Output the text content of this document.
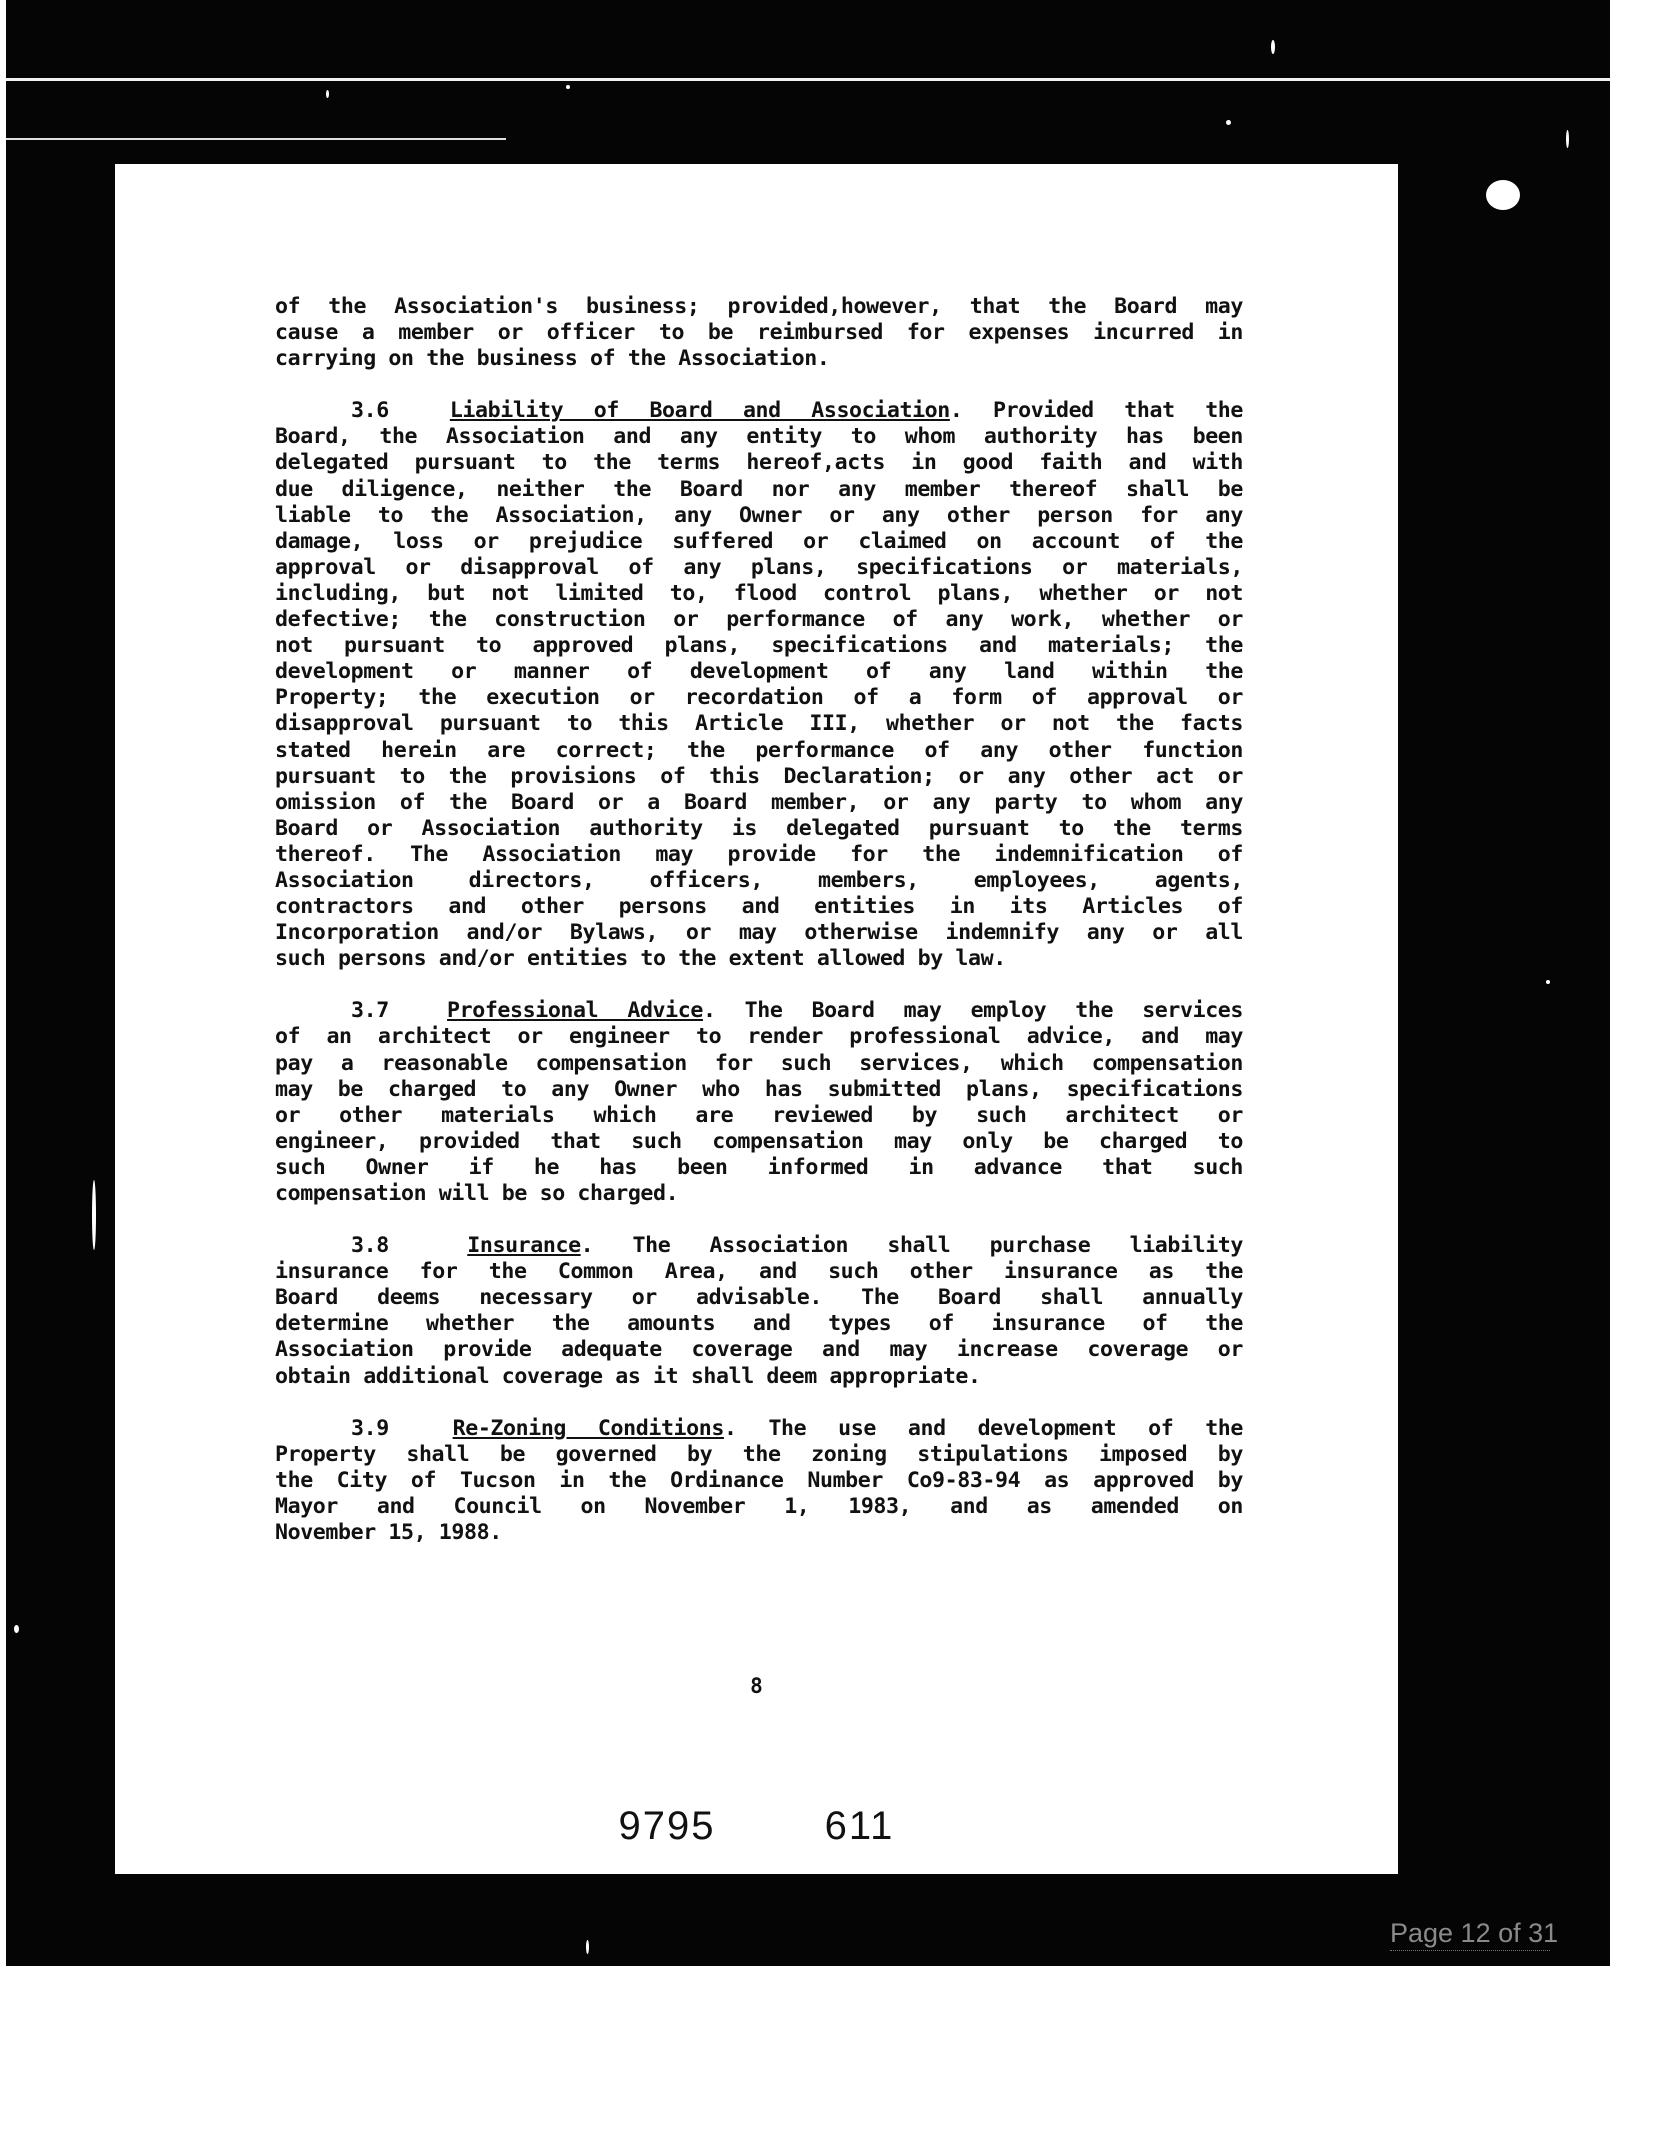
of the Association's business; provided,however, that the Board may
cause a member or officer to be reimbursed for expenses incurred in
carrying on the business of the Association.
3.6	Liability of Board and Association. Provided that the
Board, the Association and any entity to whom authority has been
delegated pursuant to the terms hereof,acts in good faith and with
due diligence, neither the Board nor any member thereof shall be
liable to the Association, any Owner or any other person for any
damage, loss or prejudice suffered or claimed on account of the
approval or disapproval of any plans, specifications or materials,
including, but not limited to, flood control plans, whether or not
defective; the construction or performance of any work, whether or
not pursuant to approved plans, specifications and materials; the
development or manner of development of any land within the
Property; the execution or recordation of a form of approval or
disapproval pursuant to this Article III, whether or not the facts
stated herein are correct; the performance of any other function
pursuant to the provisions of this Declaration; or any other act or
omission of the Board or a Board member, or any party to whom any
Board or Association authority is delegated pursuant to the terms
thereof. The Association may provide for the indemnification of
Association directors, officers, members, employees, agents,
contractors and other persons and entities in its Articles of
Incorporation and/or Bylaws, or may otherwise indemnify any or all
such persons and/or entities to the extent allowed by law.
3.7	Professional Advice. The Board may employ the services
of an architect or engineer to render professional advice, and may
pay a reasonable compensation for such services, which compensation
may be charged to any Owner who has submitted plans, specifications
or other materials which are reviewed by such architect or
engineer, provided that such compensation may only be charged to
such Owner if he has been informed in advance that such
compensation will be so charged.
3.8	Insurance. The Association shall purchase liability
insurance for the Common Area, and such other insurance as the
Board deems necessary or advisable. The Board shall annually
determine whether the amounts and types of insurance of the
Association provide adequate coverage and may increase coverage or
obtain additional coverage as it shall deem appropriate.
3.9	Re-Zoning Conditions. The use and development of the
Property shall be governed by the zoning stipulations imposed by
the City of Tucson in the Ordinance Number Co9-83-94 as approved by
Mayor and Council on November 1, 1983, and as amended on
November 15, 1988.
8
9795	611
Page 12 of 31
